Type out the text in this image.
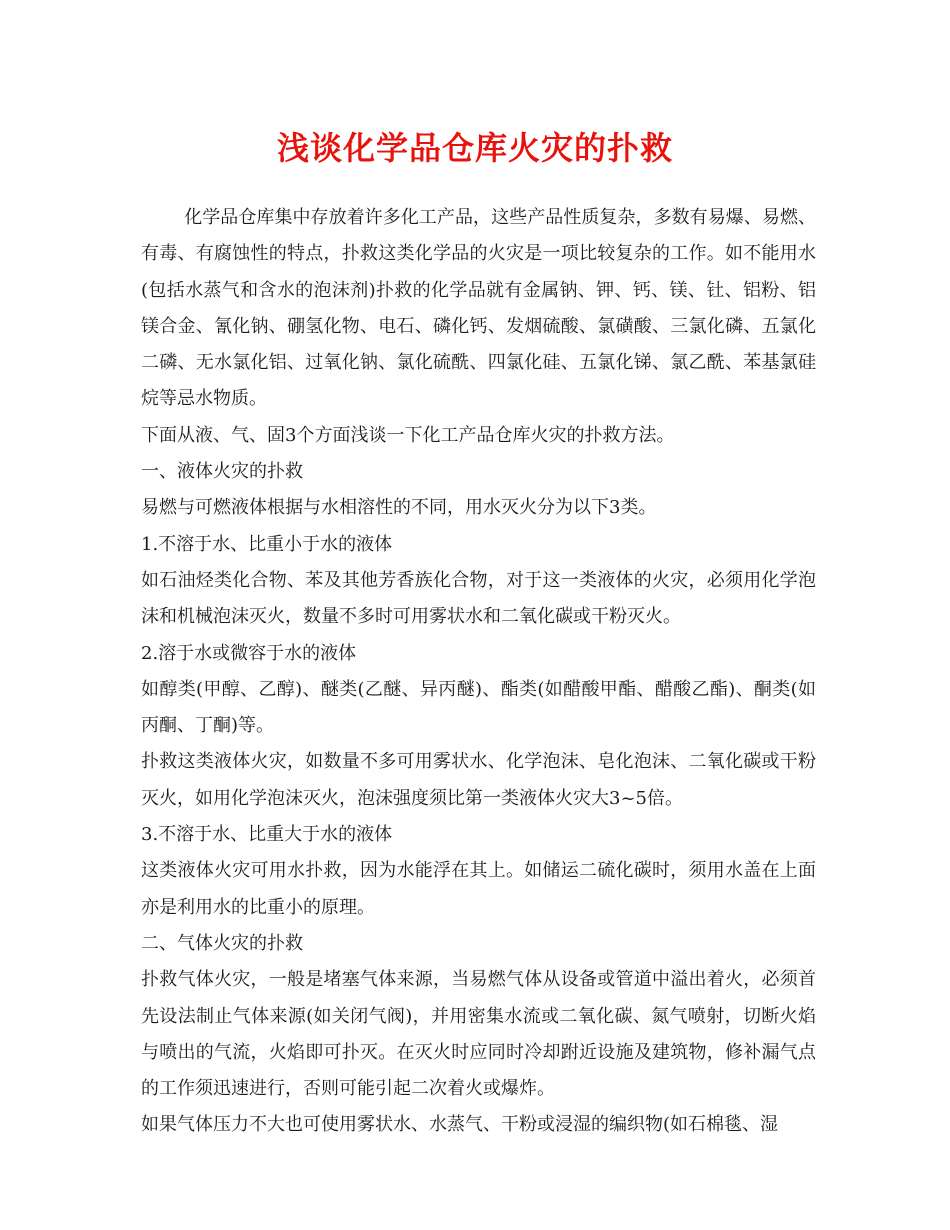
浅谈化学品仓库火灾的扑救

化学品仓库集中存放着许多化工产品，这些产品性质复杂，多数有易爆、易燃、有毒、有腐蚀性的特点，扑救这类化学品的火灾是一项比较复杂的工作。如不能用水(包括水蒸气和含水的泡沫剂)扑救的化学品就有金属钠、钾、钙、镁、钍、铝粉、铝镁合金、氰化钠、硼氢化物、电石、磷化钙、发烟硫酸、氯磺酸、三氯化磷、五氯化二磷、无水氯化铝、过氧化钠、氯化硫酰、四氯化硅、五氯化锑、氯乙酰、苯基氯硅烷等忌水物质。

下面从液、气、固3个方面浅谈一下化工产品仓库火灾的扑救方法。

一、液体火灾的扑救

易燃与可燃液体根据与水相溶性的不同，用水灭火分为以下3类。

1.不溶于水、比重小于水的液体

如石油烃类化合物、苯及其他芳香族化合物，对于这一类液体的火灾，必须用化学泡沫和机械泡沫灭火，数量不多时可用雾状水和二氧化碳或干粉灭火。

2.溶于水或微容于水的液体

如醇类(甲醇、乙醇)、醚类(乙醚、异丙醚)、酯类(如醋酸甲酯、醋酸乙酯)、酮类(如丙酮、丁酮)等。

扑救这类液体火灾，如数量不多可用雾状水、化学泡沫、皂化泡沫、二氧化碳或干粉灭火，如用化学泡沫灭火，泡沫强度须比第一类液体火灾大3~5倍。

3.不溶于水、比重大于水的液体

这类液体火灾可用水扑救，因为水能浮在其上。如储运二硫化碳时，须用水盖在上面亦是利用水的比重小的原理。

二、气体火灾的扑救

扑救气体火灾，一般是堵塞气体来源，当易燃气体从设备或管道中溢出着火，必须首先设法制止气体来源(如关闭气阀)，并用密集水流或二氧化碳、氮气喷射，切断火焰与喷出的气流，火焰即可扑灭。在灭火时应同时冷却跗近设施及建筑物，修补漏气点的工作须迅速进行，否则可能引起二次着火或爆炸。

如果气体压力不大也可使用雾状水、水蒸气、干粉或浸湿的编织物(如石棉毯、湿
